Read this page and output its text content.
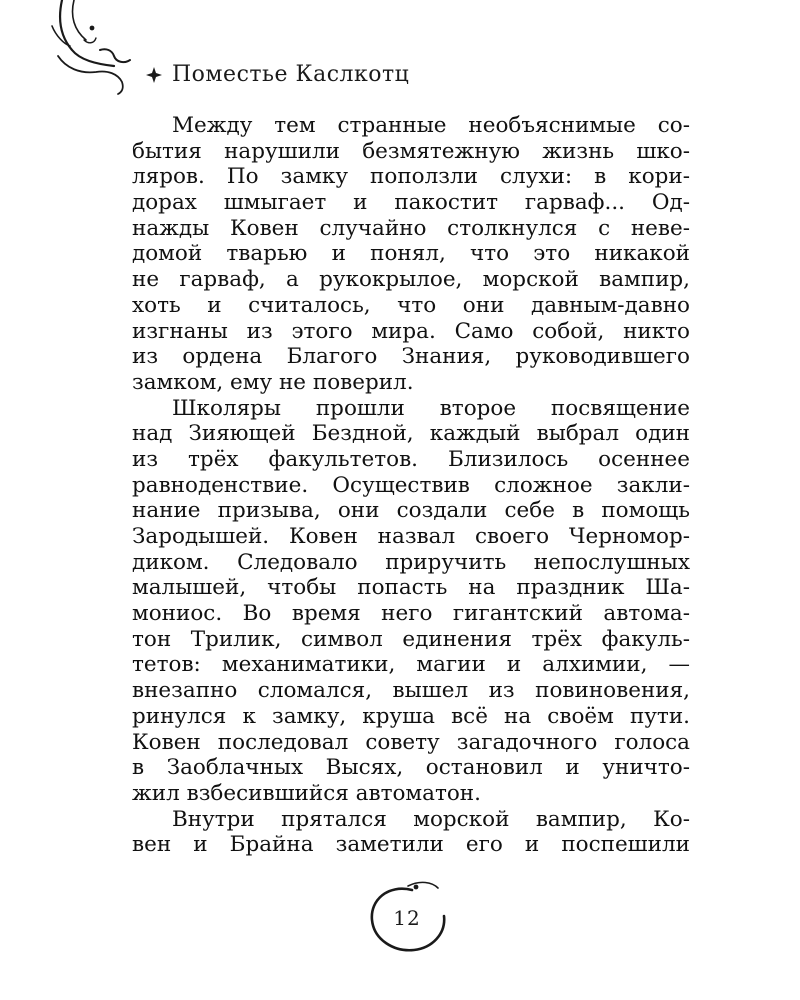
Поместье Каслкотц
Между тем странные необъяснимые со-
бытия нарушили безмятежную жизнь шко-
ляров. По замку поползли слухи: в кори-
дорах шмыгает и пакостит гарваф... Од-
нажды Ковен случайно столкнулся с неве-
домой тварью и понял, что это никакой
не гарваф, а рукокрылое, морской вампир,
хоть и считалось, что они давным-давно
изгнаны из этого мира. Само собой, никто
из ордена Благого Знания, руководившего
замком, ему не поверил.
Школяры прошли второе посвящение
над Зияющей Бездной, каждый выбрал один
из трёх факультетов. Близилось осеннее
равноденствие. Осуществив сложное закли-
нание призыва, они создали себе в помощь
Зародышей. Ковен назвал своего Черномор-
диком. Следовало приручить непослушных
малышей, чтобы попасть на праздник Ша-
мониос. Во время него гигантский автома-
тон Трилик, символ единения трёх факуль-
тетов: механиматики, магии и алхимии, —
внезапно сломался, вышел из повиновения,
ринулся к замку, круша всё на своём пути.
Ковен последовал совету загадочного голоса
в Заоблачных Высях, остановил и уничто-
жил взбесившийся автоматон.
Внутри прятался морской вампир, Ко-
вен и Брайна заметили его и поспешили
12
